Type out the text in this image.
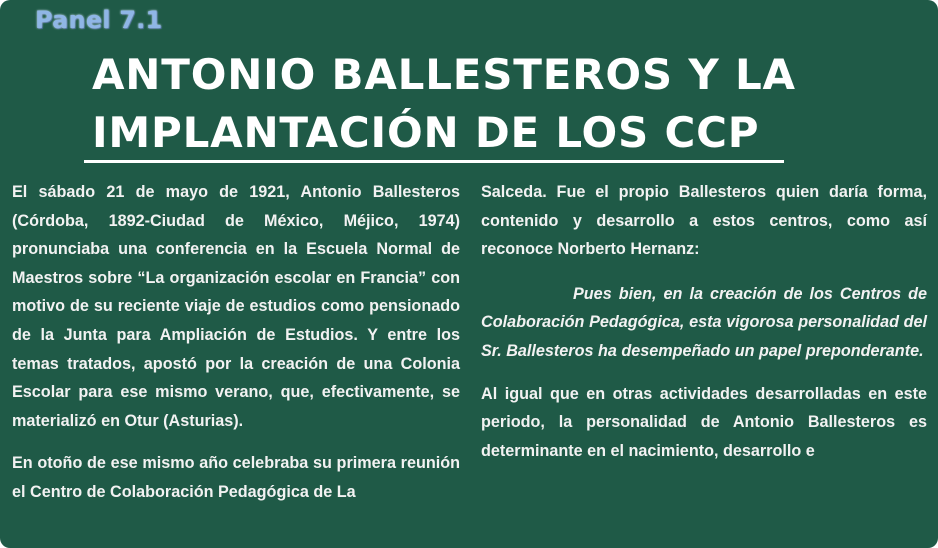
Panel 7.1
ANTONIO BALLESTEROS Y LA
IMPLANTACIÓN DE LOS CCP

El sábado 21 de mayo de 1921, Antonio Ballesteros (Córdoba, 1892-Ciudad de México, Méjico, 1974) pronunciaba una conferencia en la Escuela Normal de Maestros sobre “La organización escolar en Francia” con motivo de su reciente viaje de estudios como pensionado de la Junta para Ampliación de Estudios. Y entre los temas tratados, apostó por la creación de una Colonia Escolar para ese mismo verano, que, efectivamente, se materializó en Otur (Asturias).

En otoño de ese mismo año celebraba su primera reunión el Centro de Colaboración Pedagógica de La

Salceda. Fue el propio Ballesteros quien daría forma, contenido y desarrollo a estos centros, como así reconoce Norberto Hernanz:

Pues bien, en la creación de los Centros de Colaboración Pedagógica, esta vigorosa personalidad del Sr. Ballesteros ha desempeñado un papel preponderante.

Al igual que en otras actividades desarrolladas en este periodo, la personalidad de Antonio Ballesteros es determinante en el nacimiento, desarrollo e
